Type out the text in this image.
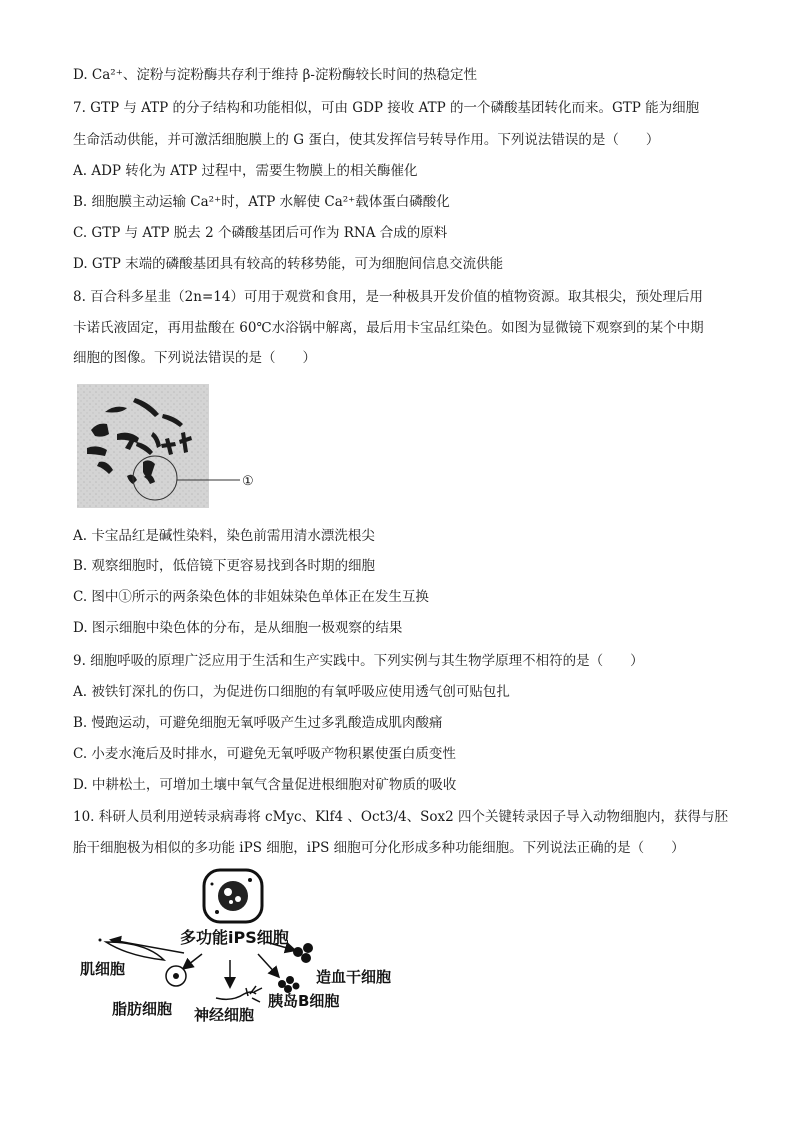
D. Ca²⁺、淀粉与淀粉酶共存利于维持 β-淀粉酶较长时间的热稳定性
7. GTP 与 ATP 的分子结构和功能相似，可由 GDP 接收 ATP 的一个磷酸基团转化而来。GTP 能为细胞
生命活动供能，并可激活细胞膜上的 G 蛋白，使其发挥信号转导作用。下列说法错误的是（　　）
A. ADP 转化为 ATP 过程中，需要生物膜上的相关酶催化
B. 细胞膜主动运输 Ca²⁺时，ATP 水解使 Ca²⁺载体蛋白磷酸化
C. GTP 与 ATP 脱去 2 个磷酸基团后可作为 RNA 合成的原料
D. GTP 末端的磷酸基团具有较高的转移势能，可为细胞间信息交流供能
8. 百合科多星韭（2n=14）可用于观赏和食用，是一种极具开发价值的植物资源。取其根尖，预处理后用
卡诺氏液固定，再用盐酸在 60℃水浴锅中解离，最后用卡宝品红染色。如图为显微镜下观察到的某个中期
细胞的图像。下列说法错误的是（　　）
①
A. 卡宝品红是碱性染料，染色前需用清水漂洗根尖
B. 观察细胞时，低倍镜下更容易找到各时期的细胞
C. 图中①所示的两条染色体的非姐妹染色单体正在发生互换
D. 图示细胞中染色体的分布，是从细胞一极观察的结果
9. 细胞呼吸的原理广泛应用于生活和生产实践中。下列实例与其生物学原理不相符的是（　　）
A. 被铁钉深扎的伤口，为促进伤口细胞的有氧呼吸应使用透气创可贴包扎
B. 慢跑运动，可避免细胞无氧呼吸产生过多乳酸造成肌肉酸痛
C. 小麦水淹后及时排水，可避免无氧呼吸产物积累使蛋白质变性
D. 中耕松土，可增加土壤中氧气含量促进根细胞对矿物质的吸收
10. 科研人员利用逆转录病毒将 cMyc、Klf4 、Oct3/4、Sox2 四个关键转录因子导入动物细胞内，获得与胚
胎干细胞极为相似的多功能 iPS 细胞，iPS 细胞可分化形成多种功能细胞。下列说法正确的是（　　）
多功能iPS细胞
肌细胞
脂肪细胞 神经细胞
胰岛B细胞
造血干细胞
